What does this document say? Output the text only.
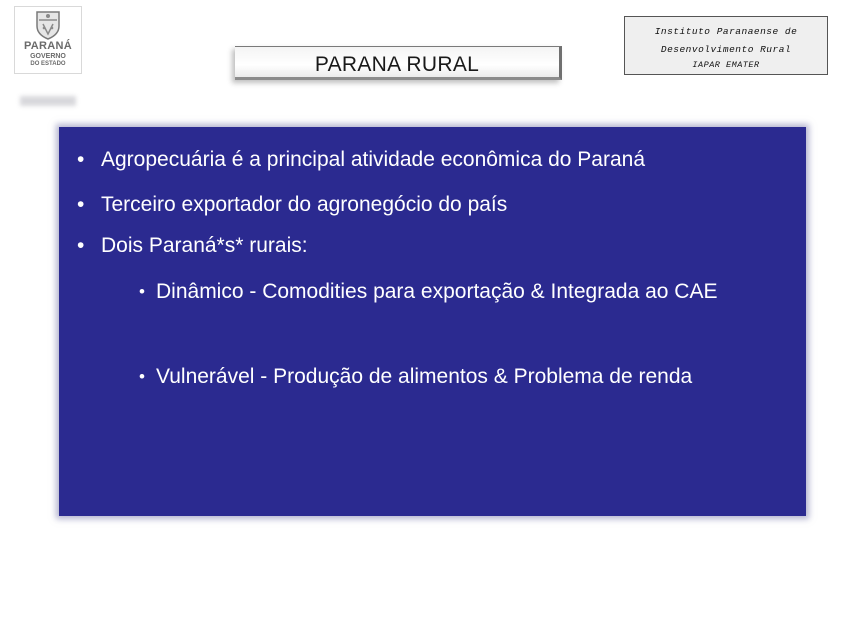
PARANÁ
GOVERNO
DO ESTADO	PARANA RURAL
Instituto Paranaense de
Desenvolvimento Rural
IAPAR EMATER
• Agropecuária é a principal atividade econômica do Paraná
• Terceiro exportador do agronegócio do país
• Dois Paraná*s* rurais:
• Dinâmico - Comodities para exportação & Integrada ao CAE
• Vulnerável - Produção de alimentos & Problema de renda
